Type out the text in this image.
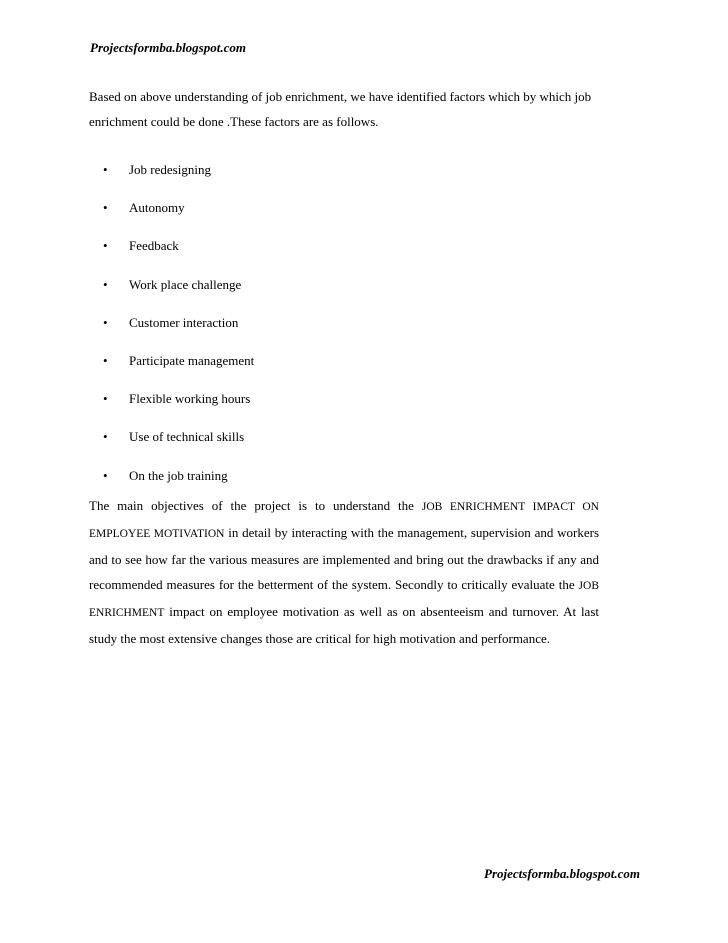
Projectsformba.blogspot.com
Based on above understanding of job enrichment, we have identified factors which by which job enrichment could be done .These factors are as follows.
• Job redesigning
• Autonomy
• Feedback
• Work place challenge
• Customer interaction
• Participate management
• Flexible working hours
• Use of technical skills
• On the job training
The main objectives of the project is to understand the JOB ENRICHMENT IMPACT ON EMPLOYEE MOTIVATION in detail by interacting with the management, supervision and workers and to see how far the various measures are implemented and bring out the drawbacks if any and recommended measures for the betterment of the system. Secondly to critically evaluate the JOB ENRICHMENT impact on employee motivation as well as on absenteeism and turnover. At last study the most extensive changes those are critical for high motivation and performance.
Projectsformba.blogspot.com
